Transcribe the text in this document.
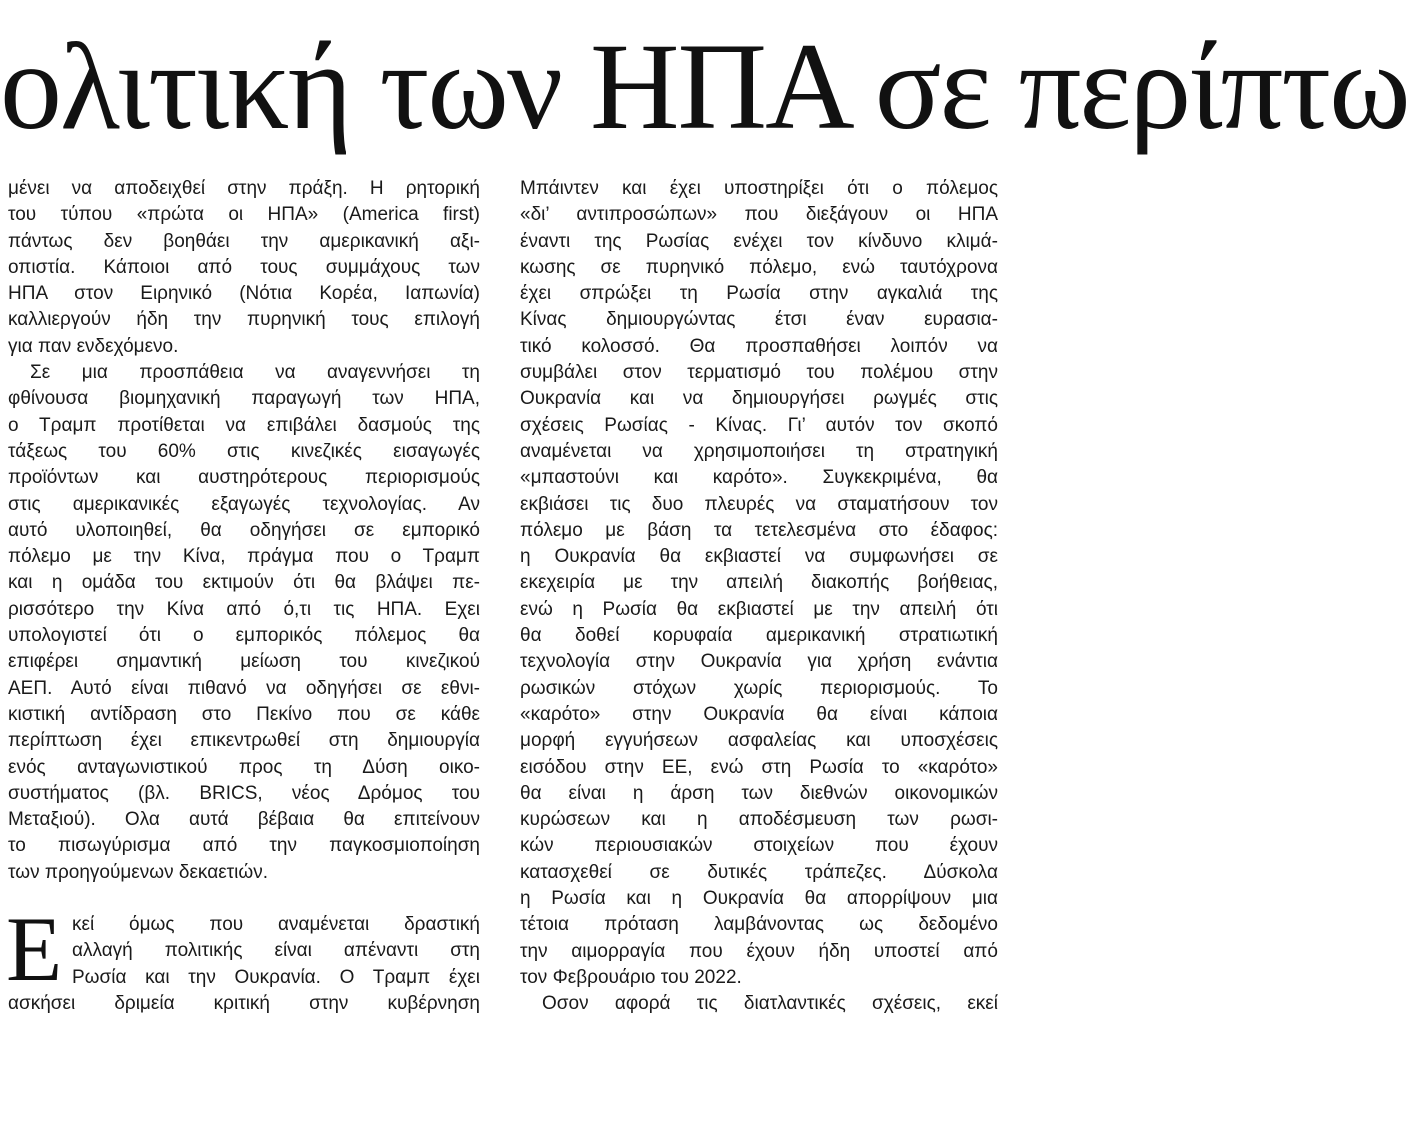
ολιτική των ΗΠΑ σε περίπτω
μένει να αποδειχθεί στην πράξη. Η ρητορική
του τύπου «πρώτα οι ΗΠΑ» (America first)
πάντως δεν βοηθάει την αμερικανική αξι-
οπιστία. Κάποιοι από τους συμμάχους των
ΗΠΑ στον Ειρηνικό (Νότια Κορέα, Ιαπωνία)
καλλιεργούν ήδη την πυρηνική τους επιλογή
για παν ενδεχόμενο.
Σε μια προσπάθεια να αναγεννήσει τη
φθίνουσα βιομηχανική παραγωγή των ΗΠΑ,
ο Τραμπ προτίθεται να επιβάλει δασμούς της
τάξεως του 60% στις κινεζικές εισαγωγές
προϊόντων και αυστηρότερους περιορισμούς
στις αμερικανικές εξαγωγές τεχνολογίας. Αν
αυτό υλοποιηθεί, θα οδηγήσει σε εμπορικό
πόλεμο με την Κίνα, πράγμα που ο Τραμπ
και η ομάδα του εκτιμούν ότι θα βλάψει πε-
ρισσότερο την Κίνα από ό,τι τις ΗΠΑ. Εχει
υπολογιστεί ότι ο εμπορικός πόλεμος θα
επιφέρει σημαντική μείωση του κινεζικού
ΑΕΠ. Αυτό είναι πιθανό να οδηγήσει σε εθνι-
κιστική αντίδραση στο Πεκίνο που σε κάθε
περίπτωση έχει επικεντρωθεί στη δημιουργία
ενός ανταγωνιστικού προς τη Δύση οικο-
συστήματος (βλ. BRICS, νέος Δρόμος του
Μεταξιού). Ολα αυτά βέβαια θα επιτείνουν
το πισωγύρισμα από την παγκοσμιοποίηση
των προηγούμενων δεκαετιών.
Ε κεί όμως που αναμένεται δραστική
αλλαγή πολιτικής είναι απέναντι στη
Ρωσία και την Ουκρανία. Ο Τραμπ έχει
ασκήσει δριμεία κριτική στην κυβέρνηση
Μπάιντεν και έχει υποστηρίξει ότι ο πόλεμος
«δι’ αντιπροσώπων» που διεξάγουν οι ΗΠΑ
έναντι της Ρωσίας ενέχει τον κίνδυνο κλιμά-
κωσης σε πυρηνικό πόλεμο, ενώ ταυτόχρονα
έχει σπρώξει τη Ρωσία στην αγκαλιά της
Κίνας δημιουργώντας έτσι έναν ευρασια-
τικό κολοσσό. Θα προσπαθήσει λοιπόν να
συμβάλει στον τερματισμό του πολέμου στην
Ουκρανία και να δημιουργήσει ρωγμές στις
σχέσεις Ρωσίας - Κίνας. Γι’ αυτόν τον σκοπό
αναμένεται να χρησιμοποιήσει τη στρατηγική
«μπαστούνι και καρότο». Συγκεκριμένα, θα
εκβιάσει τις δυο πλευρές να σταματήσουν τον
πόλεμο με βάση τα τετελεσμένα στο έδαφος:
η Ουκρανία θα εκβιαστεί να συμφωνήσει σε
εκεχειρία με την απειλή διακοπής βοήθειας,
ενώ η Ρωσία θα εκβιαστεί με την απειλή ότι
θα δοθεί κορυφαία αμερικανική στρατιωτική
τεχνολογία στην Ουκρανία για χρήση ενάντια
ρωσικών στόχων χωρίς περιορισμούς. Το
«καρότο» στην Ουκρανία θα είναι κάποια
μορφή εγγυήσεων ασφαλείας και υποσχέσεις
εισόδου στην ΕΕ, ενώ στη Ρωσία το «καρότο»
θα είναι η άρση των διεθνών οικονομικών
κυρώσεων και η αποδέσμευση των ρωσι-
κών περιουσιακών στοιχείων που έχουν
κατασχεθεί σε δυτικές τράπεζες. Δύσκολα
η Ρωσία και η Ουκρανία θα απορρίψουν μια
τέτοια πρόταση λαμβάνοντας ως δεδομένο
την αιμορραγία που έχουν ήδη υποστεί από
τον Φεβρουάριο του 2022.
Οσον αφορά τις διατλαντικές σχέσεις, εκεί
